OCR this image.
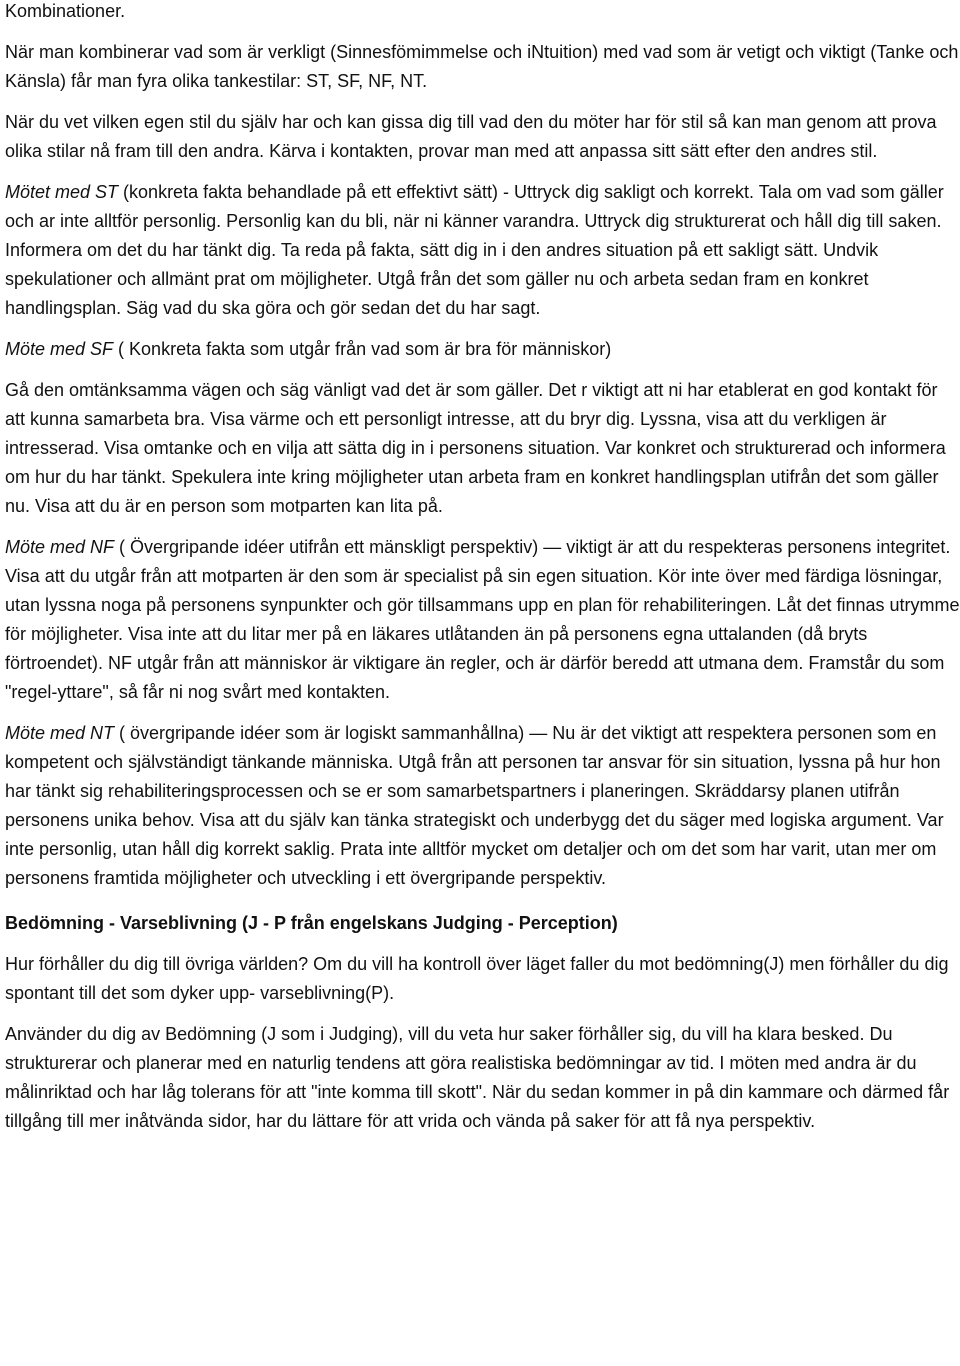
Kombinationer.

När man kombinerar vad som är verkligt (Sinnesfömimmelse och iNtuition) med vad som är vetigt och viktigt (Tanke och Känsla) får man fyra olika tankestilar: ST, SF, NF, NT.

När du vet vilken egen stil du själv har och kan gissa dig till vad den du möter har för stil så kan man genom att prova olika stilar nå fram till den andra. Kärva i kontakten, provar man med att anpassa sitt sätt efter den andres stil.

Mötet med ST (konkreta fakta behandlade på ett effektivt sätt) - Uttryck dig sakligt och korrekt. Tala om vad som gäller och ar inte alltför personlig. Personlig kan du bli, när ni känner varandra. Uttryck dig strukturerat och håll dig till saken. Informera om det du har tänkt dig. Ta reda på fakta, sätt dig in i den andres situation på ett sakligt sätt. Undvik spekulationer och allmänt prat om möjligheter. Utgå från det som gäller nu och arbeta sedan fram en konkret handlingsplan. Säg vad du ska göra och gör sedan det du har sagt.

Möte med SF ( Konkreta fakta som utgår från vad som är bra för människor)

Gå den omtänksamma vägen och säg vänligt vad det är som gäller. Det r viktigt att ni har etablerat en god kontakt för att kunna samarbeta bra. Visa värme och ett personligt intresse, att du bryr dig. Lyssna, visa att du verkligen är intresserad. Visa omtanke och en vilja att sätta dig in i personens situation. Var konkret och strukturerad och informera om hur du har tänkt. Spekulera inte kring möjligheter utan arbeta fram en konkret handlingsplan utifrån det som gäller nu. Visa att du är en person som motparten kan lita på.

Möte med NF ( Övergripande idéer utifrån ett mänskligt perspektiv) — viktigt är att du respekteras personens integritet. Visa att du utgår från att motparten är den som är specialist på sin egen situation. Kör inte över med färdiga lösningar, utan lyssna noga på personens synpunkter och gör tillsammans upp en plan för rehabiliteringen. Låt det finnas utrymme för möjligheter. Visa inte att du litar mer på en läkares utlåtanden än på personens egna uttalanden (då bryts förtroendet). NF utgår från att människor är viktigare än regler, och är därför beredd att utmana dem. Framstår du som "regel-yttare", så får ni nog svårt med kontakten.

Möte med NT ( övergripande idéer som är logiskt sammanhållna) — Nu är det viktigt att respektera personen som en kompetent och självständigt tänkande människa. Utgå från att personen tar ansvar för sin situation, lyssna på hur hon har tänkt sig rehabiliteringsprocessen och se er som samarbetspartners i planeringen. Skräddarsy planen utifrån personens unika behov. Visa att du själv kan tänka strategiskt och underbygg det du säger med logiska argument. Var inte personlig, utan håll dig korrekt saklig. Prata inte alltför mycket om detaljer och om det som har varit, utan mer om personens framtida möjligheter och utveckling i ett övergripande perspektiv.

Bedömning - Varseblivning (J - P från engelskans Judging - Perception)

Hur förhåller du dig till övriga världen? Om du vill ha kontroll över läget faller du mot bedömning(J) men förhåller du dig spontant till det som dyker upp- varseblivning(P).

Använder du dig av Bedömning (J som i Judging), vill du veta hur saker förhåller sig, du vill ha klara besked. Du strukturerar och planerar med en naturlig tendens att göra realistiska bedömningar av tid. I möten med andra är du målinriktad och har låg tolerans för att "inte komma till skott". När du sedan kommer in på din kammare och därmed får tillgång till mer inåtvända sidor, har du lättare för att vrida och vända på saker för att få nya perspektiv.
